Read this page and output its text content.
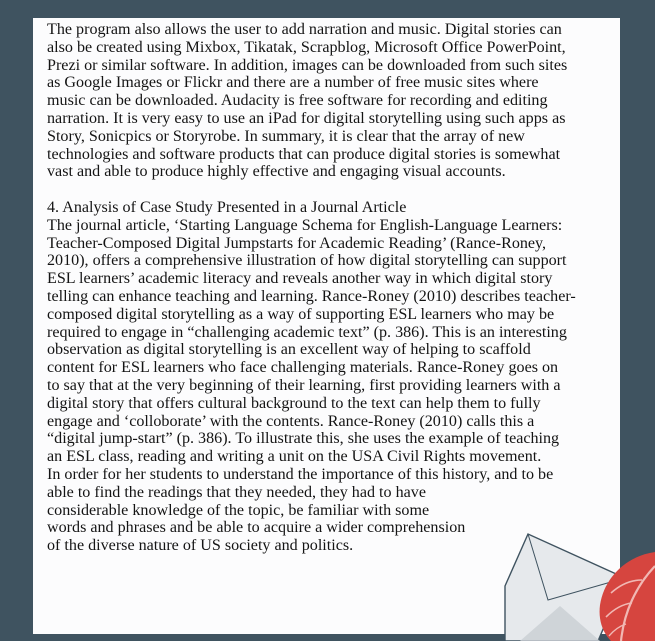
The program also allows the user to add narration and music. Digital stories can
also be created using Mixbox, Tikatak, Scrapblog, Microsoft Office PowerPoint,
Prezi or similar software. In addition, images can be downloaded from such sites
as Google Images or Flickr and there are a number of free music sites where
music can be downloaded. Audacity is free software for recording and editing
narration. It is very easy to use an iPad for digital storytelling using such apps as
Story, Sonicpics or Storyrobe. In summary, it is clear that the array of new
technologies and software products that can produce digital stories is somewhat
vast and able to produce highly effective and engaging visual accounts.
4. Analysis of Case Study Presented in a Journal Article
The journal article, ‘Starting Language Schema for English-Language Learners:
Teacher-Composed Digital Jumpstarts for Academic Reading’ (Rance-Roney,
2010), offers a comprehensive illustration of how digital storytelling can support
ESL learners’ academic literacy and reveals another way in which digital story
telling can enhance teaching and learning. Rance-Roney (2010) describes teacher-
composed digital storytelling as a way of supporting ESL learners who may be
required to engage in “challenging academic text” (p. 386). This is an interesting
observation as digital storytelling is an excellent way of helping to scaffold
content for ESL learners who face challenging materials. Rance-Roney goes on
to say that at the very beginning of their learning, first providing learners with a
digital story that offers cultural background to the text can help them to fully
engage and ‘colloborate’ with the contents. Rance-Roney (2010) calls this a
“digital jump-start” (p. 386). To illustrate this, she uses the example of teaching
an ESL class, reading and writing a unit on the USA Civil Rights movement.
In order for her students to understand the importance of this history, and to be
able to find the readings that they needed, they had to have
considerable knowledge of the topic, be familiar with some
words and phrases and be able to acquire a wider comprehension
of the diverse nature of US society and politics.
